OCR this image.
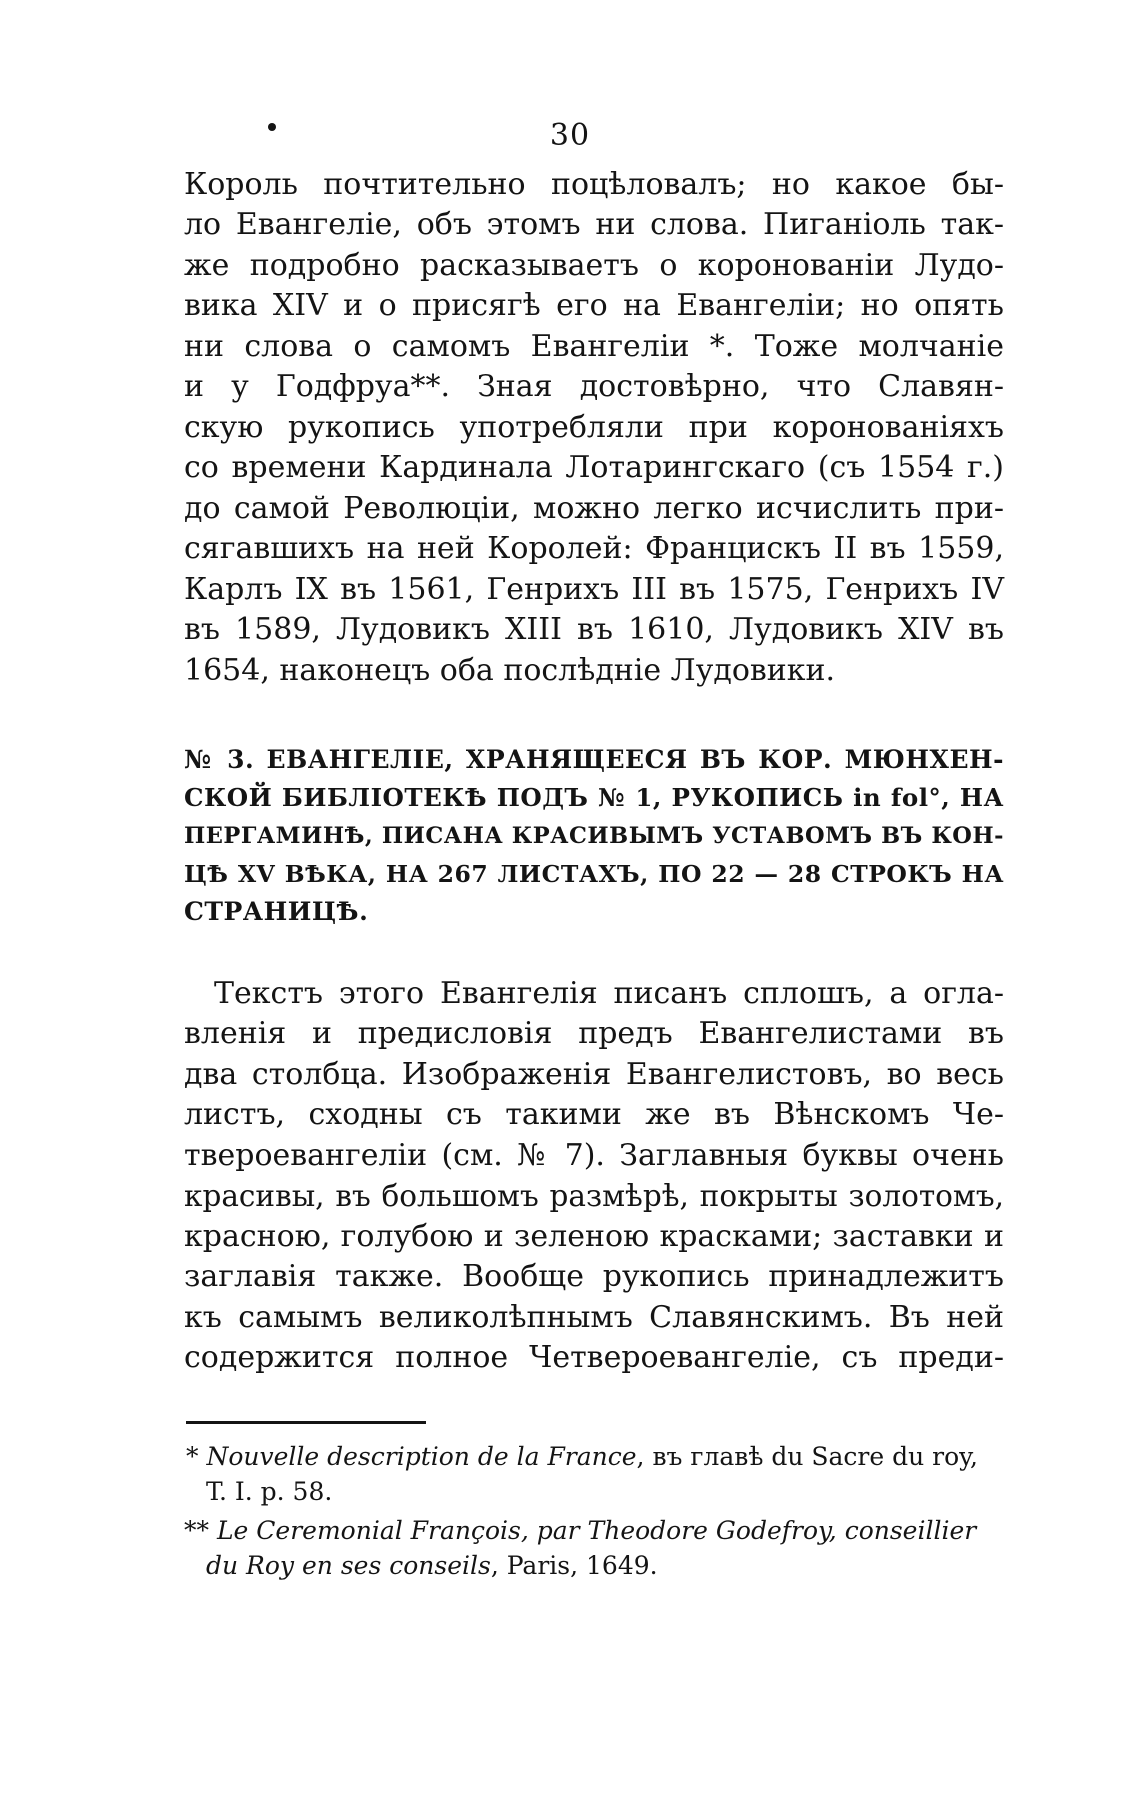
30
Король почтительно поцѣловалъ; но какое бы-
ло Евангеліе, объ этомъ ни слова. Пиганіоль так-
же подробно расказываетъ о коронованіи Лудо-
вика XIV и о присягѣ его на Евангеліи; но опять
ни слова о самомъ Евангеліи *. Тоже молчаніе
и у Годфруа**. Зная достовѣрно, что Славян-
скую рукопись употребляли при коронованіяхъ
со времени Кардинала Лотарингскаго (съ 1554 г.)
до самой Революціи, можно легко исчислить при-
сягавшихъ на ней Королей: Францискъ II въ 1559,
Карлъ IX въ 1561, Генрихъ III въ 1575, Генрихъ IV
въ 1589, Лудовикъ XIII въ 1610, Лудовикъ XIV въ
1654, наконецъ оба послѣдніе Лудовики.
№ 3. ЕВАНГЕЛІЕ, ХРАНЯЩЕЕСЯ ВЪ КОР. МЮНХЕН-
СКОЙ БИБЛІОТЕКѢ ПОДЪ № 1, РУКОПИСЬ in fol°, НА
ПЕРГАМИНѢ, ПИСАНА КРАСИВЫМЪ УСТАВОМЪ ВЪ КОН-
ЦѢ XV ВѢКА, НА 267 ЛИСТАХЪ, ПО 22 — 28 СТРОКЪ НА
СТРАНИЦѢ.
Текстъ этого Евангелія писанъ сплошъ, а огла-
вленія и предисловія предъ Евангелистами въ
два столбца. Изображенія Евангелистовъ, во весь
листъ, сходны съ такими же въ Вѣнскомъ Че-
твероевангеліи (см. № 7). Заглавныя буквы очень
красивы, въ большомъ размѣрѣ, покрыты золотомъ,
красною, голубою и зеленою красками; заставки и
заглавія также. Вообще рукопись принадлежитъ
къ самымъ великолѣпнымъ Славянскимъ. Въ ней
содержится полное Четвероевангеліе, съ преди-
* Nouvelle description de la France, въ главѣ du Sacre du roy,
T. I. p. 58.
** Le Ceremonial François, par Theodore Godefroy, conseillier
du Roy en ses conseils, Paris, 1649.
